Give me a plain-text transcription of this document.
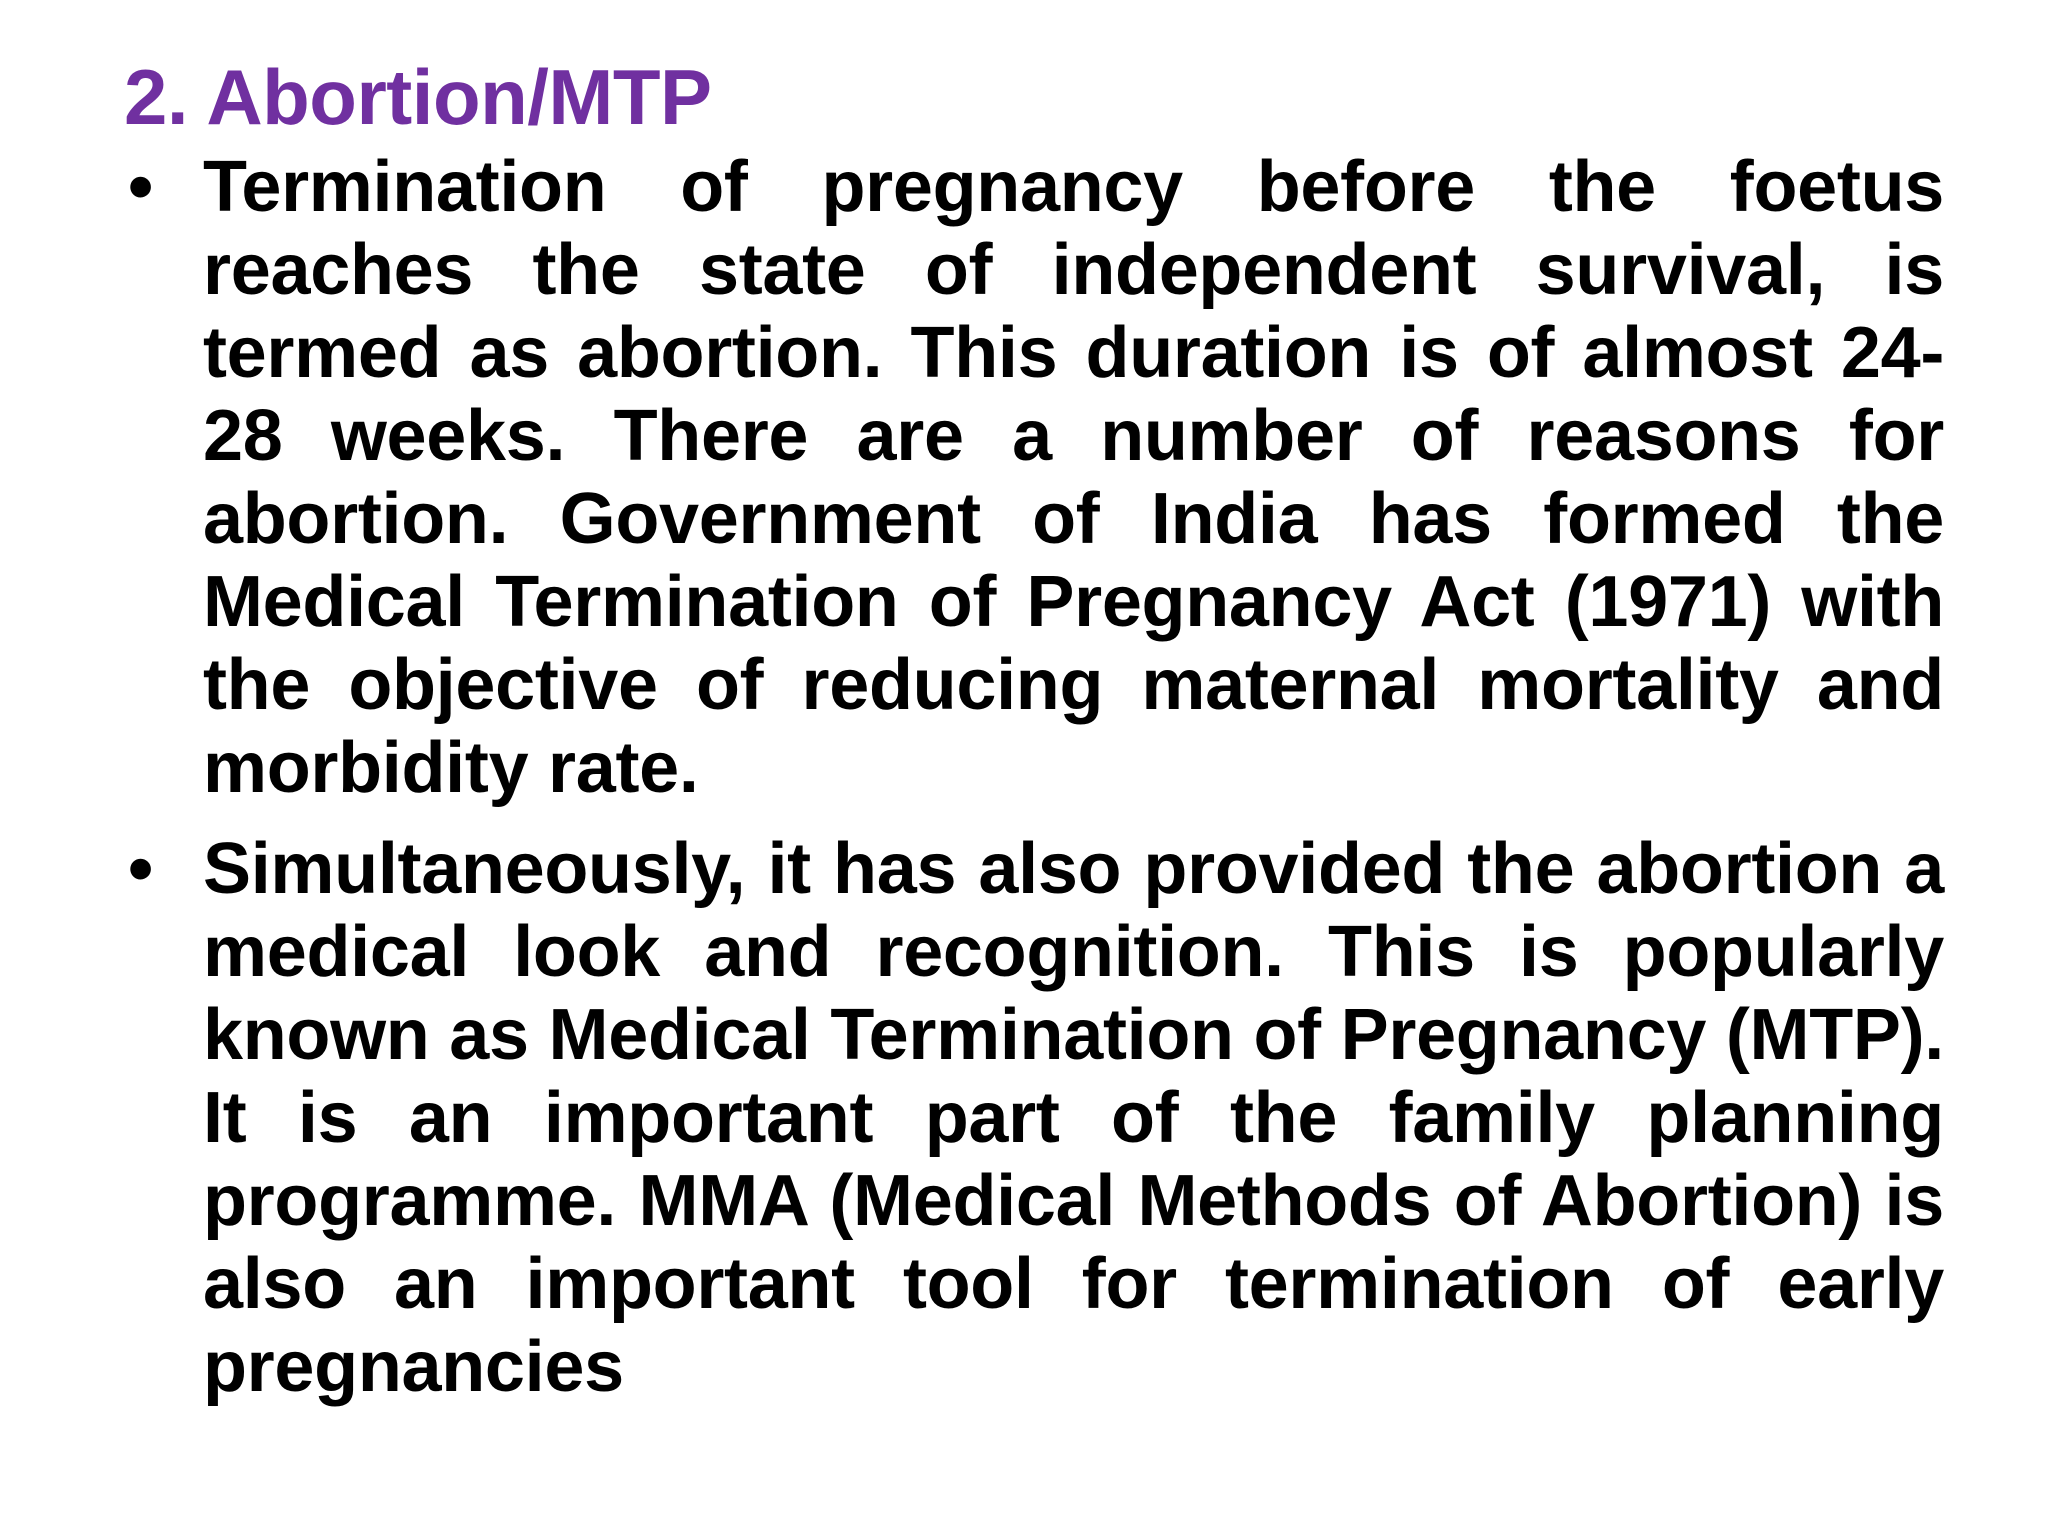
2. Abortion/MTP
• Termination of pregnancy before the foetus reaches the state of independent survival, is termed as abortion. This duration is of almost 24-28 weeks. There are a number of reasons for abortion. Government of India has formed the Medical Termination of Pregnancy Act (1971) with the objective of reducing maternal mortality and morbidity rate.
• Simultaneously, it has also provided the abortion a medical look and recognition. This is popularly known as Medical Termination of Pregnancy (MTP). It is an important part of the family planning programme. MMA (Medical Methods of Abortion) is also an important tool for termination of early pregnancies
